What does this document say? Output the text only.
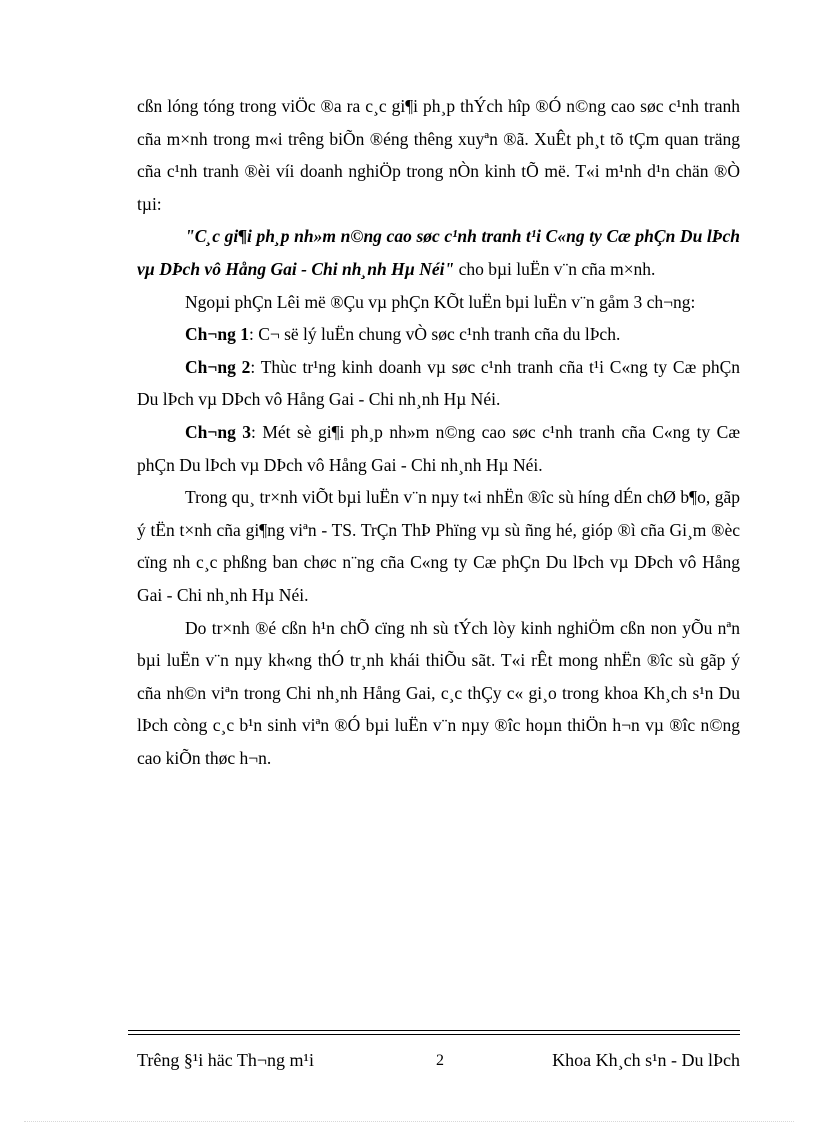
cßn lóng tóng trong viÖc ®a ra c¸c gi¶i ph¸p thÝch hîp ®Ó n©ng cao søc c¹nh tranh cña m×nh trong m«i trêng biÕn ®éng thêng xuyªn ®ã. XuÊt ph¸t tõ tÇm quan träng cña c¹nh tranh ®èi víi doanh nghiÖp trong nÒn kinh tÕ më. T«i m¹nh d¹n chän ®Ò tµi:

"C¸c gi¶i ph¸p nh»m n©ng cao søc c¹nh tranh t¹i C«ng ty Cæ phÇn Du lÞch vµ DÞch vô Hång Gai - Chi nh¸nh Hµ Néi" cho bµi luËn v¨n cña m×nh.

Ngoµi phÇn Lêi më ®Çu vµ phÇn KÕt luËn bµi luËn v¨n gåm 3 ch¬ng:

Ch¬ng 1: C¬ së lý luËn chung vÒ søc c¹nh tranh cña du lÞch.

Ch¬ng 2: Thùc tr¹ng kinh doanh vµ søc c¹nh tranh cña t¹i C«ng ty Cæ phÇn Du lÞch vµ DÞch vô Hång Gai - Chi nh¸nh Hµ Néi.

Ch¬ng 3: Mét sè gi¶i ph¸p nh»m n©ng cao søc c¹nh tranh cña C«ng ty Cæ phÇn Du lÞch vµ DÞch vô Hång Gai - Chi nh¸nh Hµ Néi.

Trong qu¸ tr×nh viÕt bµi luËn v¨n nµy t«i nhËn ®îc sù híng dÉn chØ b¶o, gãp ý tËn t×nh cña gi¶ng viªn - TS. TrÇn ThÞ Phïng vµ sù ñng hé, gióp ®ì cña Gi¸m ®èc cïng nh c¸c phßng ban chøc n¨ng cña C«ng ty Cæ phÇn Du lÞch vµ DÞch vô Hång Gai - Chi nh¸nh Hµ Néi.

Do tr×nh ®é cßn h¹n chÕ cïng nh sù tÝch lòy kinh nghiÖm cßn non yÕu nªn bµi luËn v¨n nµy kh«ng thÓ tr¸nh khái thiÕu sãt. T«i rÊt mong nhËn ®îc sù gãp ý cña nh©n viªn trong Chi nh¸nh Hång Gai, c¸c thÇy c« gi¸o trong khoa Kh¸ch s¹n Du lÞch còng c¸c b¹n sinh viªn ®Ó bµi luËn v¨n nµy ®îc hoµn thiÖn h¬n vµ ®îc n©ng cao kiÕn thøc h¬n.

Trêng §¹i häc Th¬ng m¹i	2	Khoa Kh¸ch s¹n - Du lÞch
